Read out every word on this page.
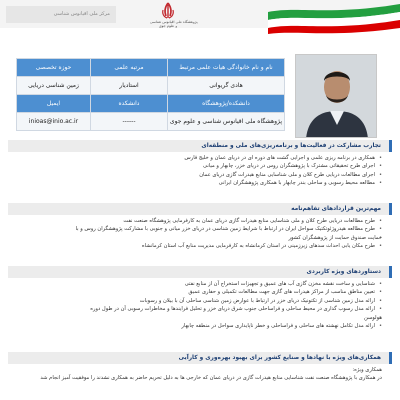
پژوهشگاه ملی اقیانوس شناسی
و علوم جوی
مرکز ملی اقیانوس شناسی
نام و نام خانوادگی هیات علمی مرتبط	مرتبه علمی	حوزه تخصصی
هادی گریوانی	استادیار	زمین شناسی دریایی
دانشکده/پژوهشگاه	دانشکده	ایمیل
پژوهشگاه ملی اقیانوس شناسی و علوم جوی	------	inioas@inio.ac.ir
تجارب مشارکت در فعالیت‌ها و برنامه‌ریزی‌های ملی و منطقه‌ای
• همکاری در برنامه ریزی علمی و اجرایی گشت های دوره ای در دریای عمان و خلیج فارس
• اجرای طرح تحقیقاتی مشترک با پژوهشگران روس در دریای خزر، چابهار و میانی
• اجرای مطالعات دریایی طرح کلان و ملی شناسایی منابع هیدرات گازی دریای عمان
• مطالعه محیط رسوبی و ساحلی بندر چابهار با همکاری پژوهشگران ایرانی
مهم‌ترین قراردادهای تفاهم‌نامه
• طرح مطالعات دریایی طرح کلان و ملی شناسایی منابع هیدرات گازی دریای عمان به کارفرمایی پژوهشگاه صنعت نفت
• طرح مطالعه هیدروژئوتکتیک سواحل ایران در ارتباط با شرایط زمین شناسی در دریای خزر میانی و جنوبی با مشارکت پژوهشگران روس و با
• حمایت صندوق حمایت از پژوهشگران کشور
• طرح مکان یابی احداث سدهای زیرزمینی در استان کرمانشاه به کارفرمایی مدیریت منابع آب استان کرمانشاه
دستاوردهای ویژه کاربردی
• شناسایی و ساخت نقشه مخزن گازی آب های عمیق و تجهیزات استخراج آن از منابع نفتی
• تعیین مناطق مناسب از مراکز هیدرات های گازی جهت مطالعات تکمیلی و حفاری عمیق
• ارائه مدل زمین شناسی از تکتونیک دریای خزر در ارتباط با عوارض زمین شناسی ساحلی آن با بیلان و رسوبات
• ارائه مدل رسوب گذاری در محیط ساحلی و فراساحلی جنوب شرق دریای خزر و تحلیل فرایندها و مخاطرات رسوبی آن در طول دوره
• هولوسن
• ارائه مدل تکامل نهشته های ساحلی و فراساحلی و خطر ناپایداری سواحل در منطقه چابهار
همکاری‌های ویژه با نهادها و صنایع کشور برای بهبود بهره‌وری و کارآیی

همکاری ویژه:

در همکاری با پژوهشگاه صنعت نفت شناسایی منابع هیدرات گازی در دریای عمان که خارجی ها به دلیل تحریم حاضر به همکاری نشدند را موفقیت آمیز انجام شد
